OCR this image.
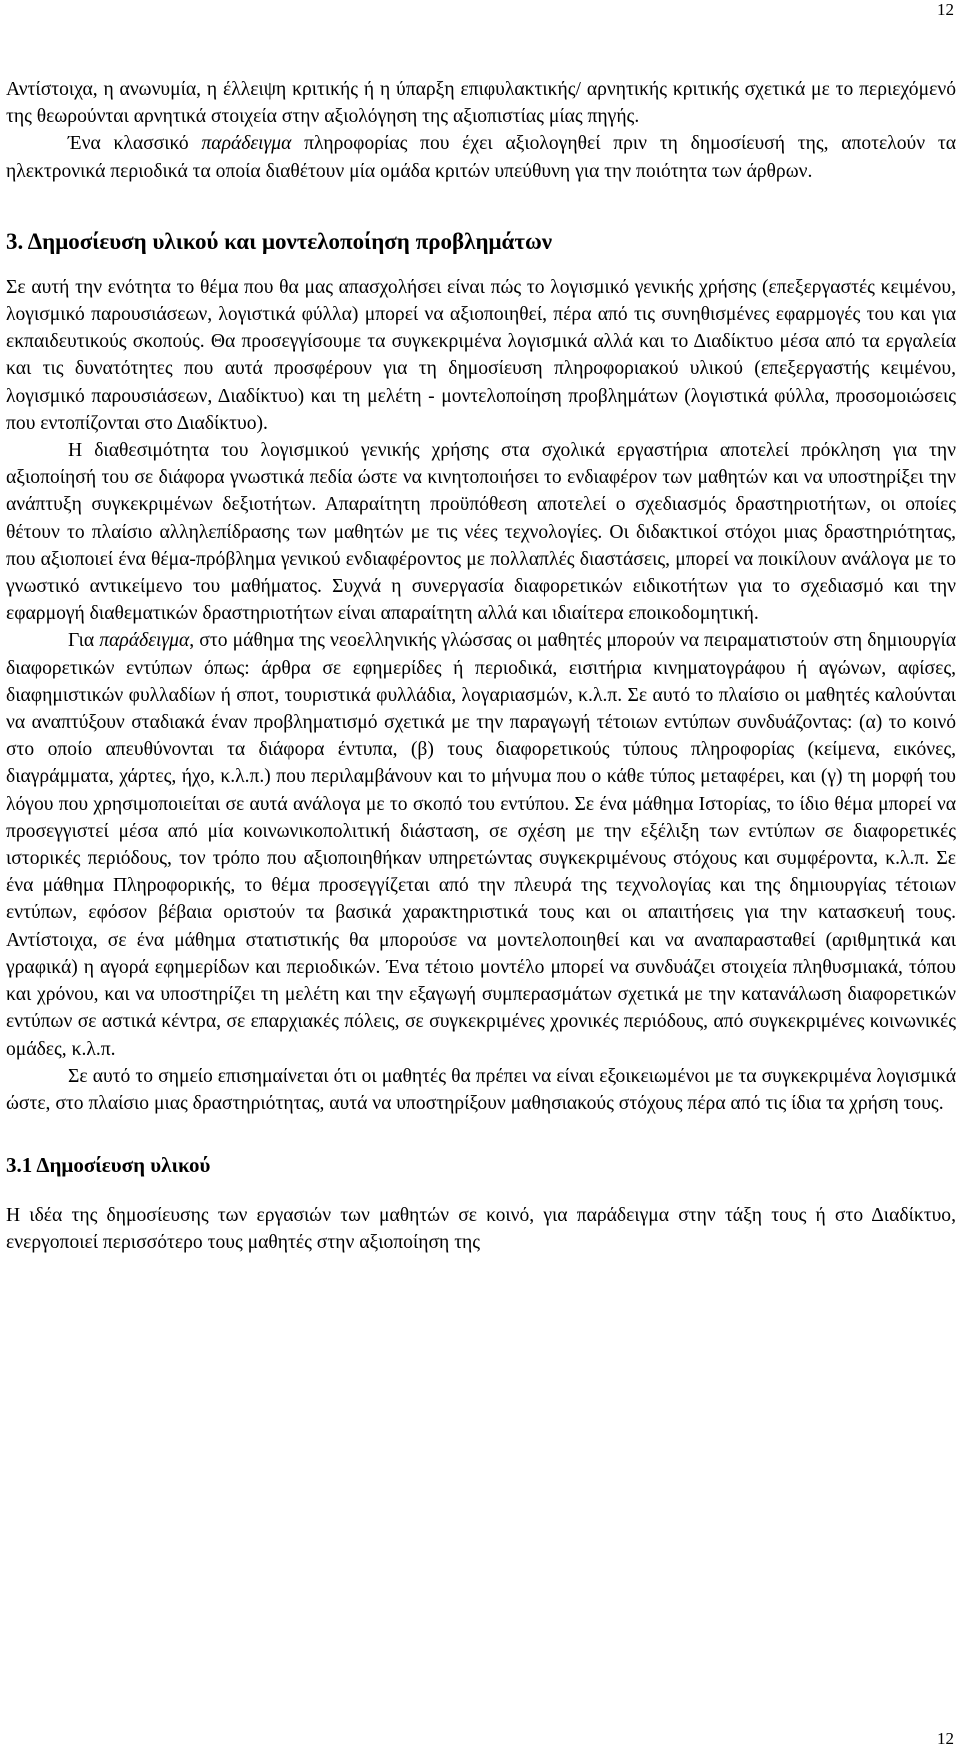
12

Αντίστοιχα, η ανωνυμία, η έλλειψη κριτικής ή η ύπαρξη επιφυλακτικής/ αρνητικής κριτικής σχετικά με το περιεχόμενό της θεωρούνται αρνητικά στοιχεία στην αξιολόγηση της αξιοπιστίας μίας πηγής.

Ένα κλασσικό παράδειγμα πληροφορίας που έχει αξιολογηθεί πριν τη δημοσίευσή της, αποτελούν τα ηλεκτρονικά περιοδικά τα οποία διαθέτουν μία ομάδα κριτών υπεύθυνη για την ποιότητα των άρθρων.

3. Δημοσίευση υλικού και μοντελοποίηση προβλημάτων

Σε αυτή την ενότητα το θέμα που θα μας απασχολήσει είναι πώς το λογισμικό γενικής χρήσης (επεξεργαστές κειμένου, λογισμικό παρουσιάσεων, λογιστικά φύλλα) μπορεί να αξιοποιηθεί, πέρα από τις συνηθισμένες εφαρμογές του και για εκπαιδευτικούς σκοπούς. Θα προσεγγίσουμε τα συγκεκριμένα λογισμικά αλλά και το Διαδίκτυο μέσα από τα εργαλεία και τις δυνατότητες που αυτά προσφέρουν για τη δημοσίευση πληροφοριακού υλικού (επεξεργαστής κειμένου, λογισμικό παρουσιάσεων, Διαδίκτυο) και τη μελέτη - μοντελοποίηση προβλημάτων (λογιστικά φύλλα, προσομοιώσεις που εντοπίζονται στο Διαδίκτυο).

Η διαθεσιμότητα του λογισμικού γενικής χρήσης στα σχολικά εργαστήρια αποτελεί πρόκληση για την αξιοποίησή του σε διάφορα γνωστικά πεδία ώστε να κινητοποιήσει το ενδιαφέρον των μαθητών και να υποστηρίξει την ανάπτυξη συγκεκριμένων δεξιοτήτων. Απαραίτητη προϋπόθεση αποτελεί ο σχεδιασμός δραστηριοτήτων, οι οποίες θέτουν το πλαίσιο αλληλεπίδρασης των μαθητών με τις νέες τεχνολογίες. Οι διδακτικοί στόχοι μιας δραστηριότητας, που αξιοποιεί ένα θέμα-πρόβλημα γενικού ενδιαφέροντος με πολλαπλές διαστάσεις, μπορεί να ποικίλουν ανάλογα με το γνωστικό αντικείμενο του μαθήματος. Συχνά η συνεργασία διαφορετικών ειδικοτήτων για το σχεδιασμό και την εφαρμογή διαθεματικών δραστηριοτήτων είναι απαραίτητη αλλά και ιδιαίτερα εποικοδομητική.

Για παράδειγμα, στο μάθημα της νεοελληνικής γλώσσας οι μαθητές μπορούν να πειραματιστούν στη δημιουργία διαφορετικών εντύπων όπως: άρθρα σε εφημερίδες ή περιοδικά, εισιτήρια κινηματογράφου ή αγώνων, αφίσες, διαφημιστικών φυλλαδίων ή σποτ, τουριστικά φυλλάδια, λογαριασμών, κ.λ.π. Σε αυτό το πλαίσιο οι μαθητές καλούνται να αναπτύξουν σταδιακά έναν προβληματισμό σχετικά με την παραγωγή τέτοιων εντύπων συνδυάζοντας: (α) το κοινό στο οποίο απευθύνονται τα διάφορα έντυπα, (β) τους διαφορετικούς τύπους πληροφορίας (κείμενα, εικόνες, διαγράμματα, χάρτες, ήχο, κ.λ.π.) που περιλαμβάνουν και το μήνυμα που ο κάθε τύπος μεταφέρει, και (γ) τη μορφή του λόγου που χρησιμοποιείται σε αυτά ανάλογα με το σκοπό του εντύπου. Σε ένα μάθημα Ιστορίας, το ίδιο θέμα μπορεί να προσεγγιστεί μέσα από μία κοινωνικοπολιτική διάσταση, σε σχέση με την εξέλιξη των εντύπων σε διαφορετικές ιστορικές περιόδους, τον τρόπο που αξιοποιηθήκαν υπηρετώντας συγκεκριμένους στόχους και συμφέροντα, κ.λ.π. Σε ένα μάθημα Πληροφορικής, το θέμα προσεγγίζεται από την πλευρά της τεχνολογίας και της δημιουργίας τέτοιων εντύπων, εφόσον βέβαια οριστούν τα βασικά χαρακτηριστικά τους και οι απαιτήσεις για την κατασκευή τους. Αντίστοιχα, σε ένα μάθημα στατιστικής θα μπορούσε να μοντελοποιηθεί και να αναπαρασταθεί (αριθμητικά και γραφικά) η αγορά εφημερίδων και περιοδικών. Ένα τέτοιο μοντέλο μπορεί να συνδυάζει στοιχεία πληθυσμιακά, τόπου και χρόνου, και να υποστηρίζει τη μελέτη και την εξαγωγή συμπερασμάτων σχετικά με την κατανάλωση διαφορετικών εντύπων σε αστικά κέντρα, σε επαρχιακές πόλεις, σε συγκεκριμένες χρονικές περιόδους, από συγκεκριμένες κοινωνικές ομάδες, κ.λ.π.

Σε αυτό το σημείο επισημαίνεται ότι οι μαθητές θα πρέπει να είναι εξοικειωμένοι με τα συγκεκριμένα λογισμικά ώστε, στο πλαίσιο μιας δραστηριότητας, αυτά να υποστηρίξουν μαθησιακούς στόχους πέρα από τις ίδια τα χρήση τους.

3.1 Δημοσίευση υλικού

Η ιδέα της δημοσίευσης των εργασιών των μαθητών σε κοινό, για παράδειγμα στην τάξη τους ή στο Διαδίκτυο, ενεργοποιεί περισσότερο τους μαθητές στην αξιοποίηση της

12
